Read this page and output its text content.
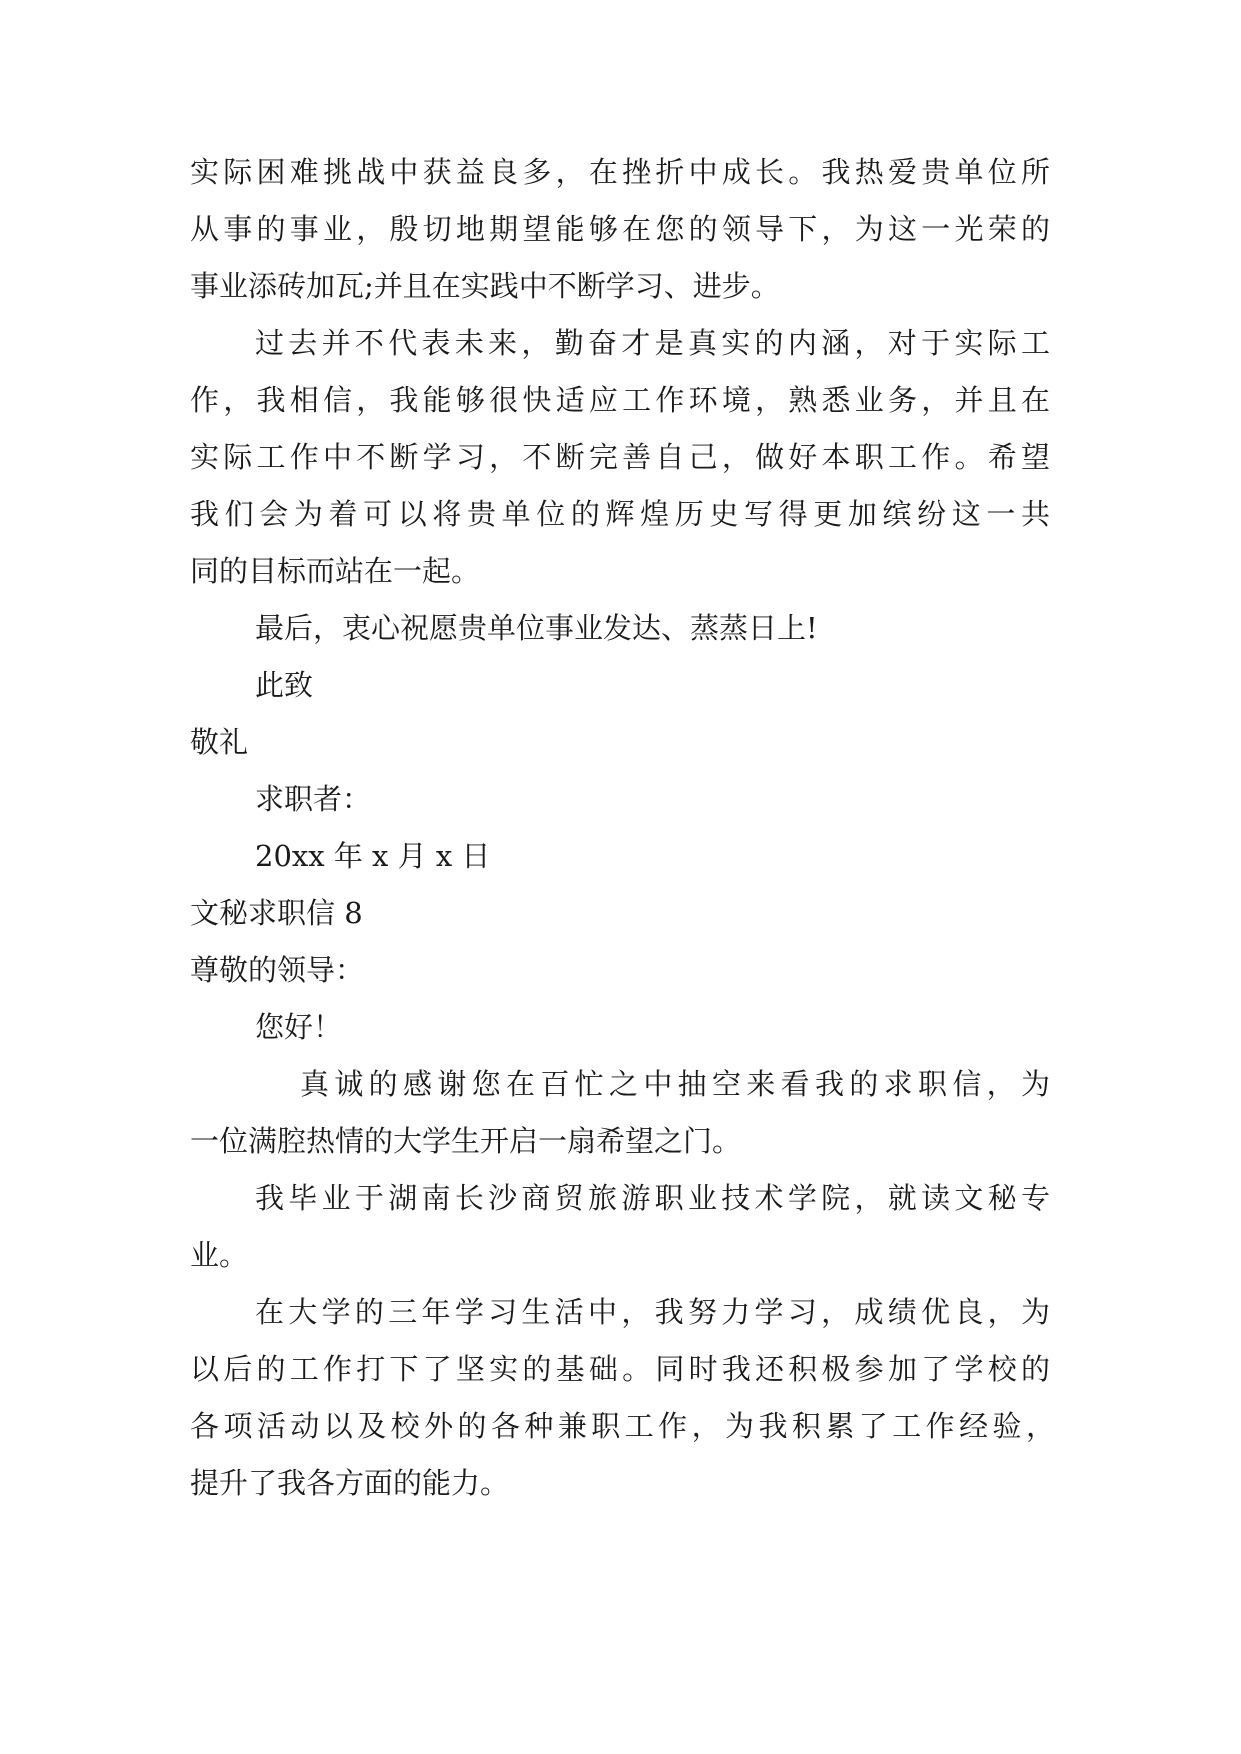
实际困难挑战中获益良多，在挫折中成长。我热爱贵单位所
从事的事业，殷切地期望能够在您的领导下，为这一光荣的
事业添砖加瓦;并且在实践中不断学习、进步。
过去并不代表未来，勤奋才是真实的内涵，对于实际工
作，我相信，我能够很快适应工作环境，熟悉业务，并且在
实际工作中不断学习，不断完善自己，做好本职工作。希望
我们会为着可以将贵单位的辉煌历史写得更加缤纷这一共
同的目标而站在一起。
最后，衷心祝愿贵单位事业发达、蒸蒸日上!
此致
敬礼
求职者：
20xx 年 x 月 x 日
文秘求职信 8
尊敬的领导：
您好！
真诚的感谢您在百忙之中抽空来看我的求职信，为
一位满腔热情的大学生开启一扇希望之门。
我毕业于湖南长沙商贸旅游职业技术学院，就读文秘专
业。
在大学的三年学习生活中，我努力学习，成绩优良，为
以后的工作打下了坚实的基础。同时我还积极参加了学校的
各项活动以及校外的各种兼职工作，为我积累了工作经验，
提升了我各方面的能力。
